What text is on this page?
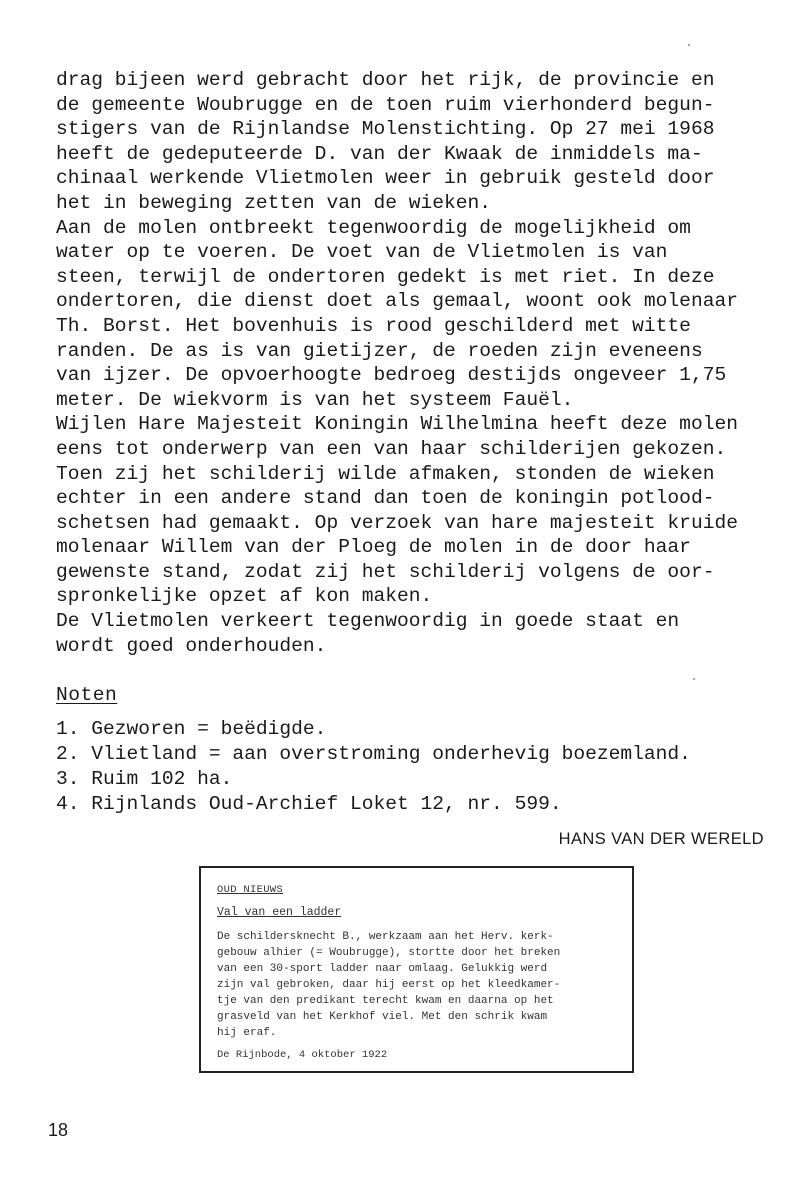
drag bijeen werd gebracht door het rijk, de provincie en
de gemeente Woubrugge en de toen ruim vierhonderd begun-
stigers van de Rijnlandse Molenstichting. Op 27 mei 1968
heeft de gedeputeerde D. van der Kwaak de inmiddels ma-
chinaal werkende Vlietmolen weer in gebruik gesteld door
het in beweging zetten van de wieken.
Aan de molen ontbreekt tegenwoordig de mogelijkheid om
water op te voeren. De voet van de Vlietmolen is van
steen, terwijl de ondertoren gedekt is met riet. In deze
ondertoren, die dienst doet als gemaal, woont ook molenaar
Th. Borst. Het bovenhuis is rood geschilderd met witte
randen. De as is van gietijzer, de roeden zijn eveneens
van ijzer. De opvoerhoogte bedroeg destijds ongeveer 1,75
meter. De wiekvorm is van het systeem Fauël.
Wijlen Hare Majesteit Koningin Wilhelmina heeft deze molen
eens tot onderwerp van een van haar schilderijen gekozen.
Toen zij het schilderij wilde afmaken, stonden de wieken
echter in een andere stand dan toen de koningin potlood-
schetsen had gemaakt. Op verzoek van hare majesteit kruide
molenaar Willem van der Ploeg de molen in de door haar
gewenste stand, zodat zij het schilderij volgens de oor-
spronkelijke opzet af kon maken.
De Vlietmolen verkeert tegenwoordig in goede staat en
wordt goed onderhouden.
Noten
1. Gezworen = beëdigde.
2. Vlietland = aan overstroming onderhevig boezemland.
3. Ruim 102 ha.
4. Rijnlands Oud-Archief Loket 12, nr. 599.
HANS VAN DER WERELD
OUD NIEUWS
Val van een ladder
De schildersknecht B., werkzaam aan het Herv. kerk-
gebouw alhier (= Woubrugge), stortte door het breken
van een 30-sport ladder naar omlaag. Gelukkig werd
zijn val gebroken, daar hij eerst op het kleedkamer-
tje van den predikant terecht kwam en daarna op het
grasveld van het Kerkhof viel. Met den schrik kwam
hij eraf.
De Rijnbode, 4 oktober 1922
18
